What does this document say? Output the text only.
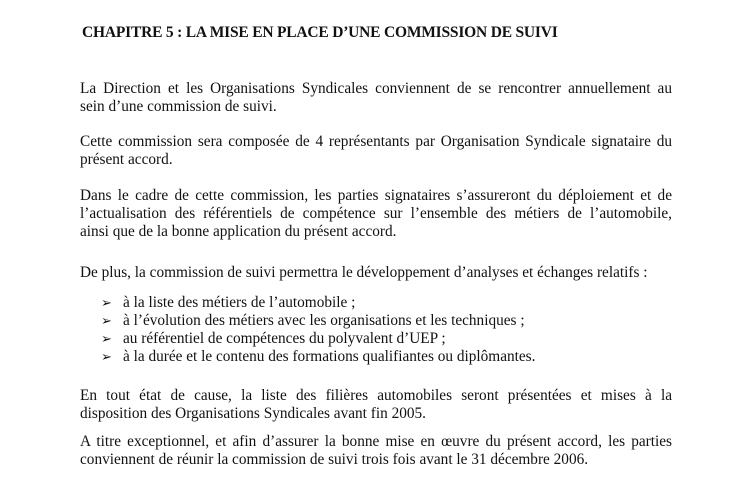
CHAPITRE 5 : LA MISE EN PLACE D’UNE COMMISSION DE SUIVI

La Direction et les Organisations Syndicales conviennent de se rencontrer annuellement au
sein d’une commission de suivi.

Cette commission sera composée de 4 représentants par Organisation Syndicale signataire du
présent accord.

Dans le cadre de cette commission, les parties signataires s’assureront du déploiement et de
l’actualisation des référentiels de compétence sur l’ensemble des métiers de l’automobile,
ainsi que de la bonne application du présent accord.

De plus, la commission de suivi permettra le développement d’analyses et échanges relatifs :

➢ à la liste des métiers de l’automobile ;
➢ à l’évolution des métiers avec les organisations et les techniques ;
➢ au référentiel de compétences du polyvalent d’UEP ;
➢ à la durée et le contenu des formations qualifiantes ou diplômantes.

En tout état de cause, la liste des filières automobiles seront présentées et mises à la
disposition des Organisations Syndicales avant fin 2005.

A titre exceptionnel, et afin d’assurer la bonne mise en œuvre du présent accord, les parties
conviennent de réunir la commission de suivi trois fois avant le 31 décembre 2006.
